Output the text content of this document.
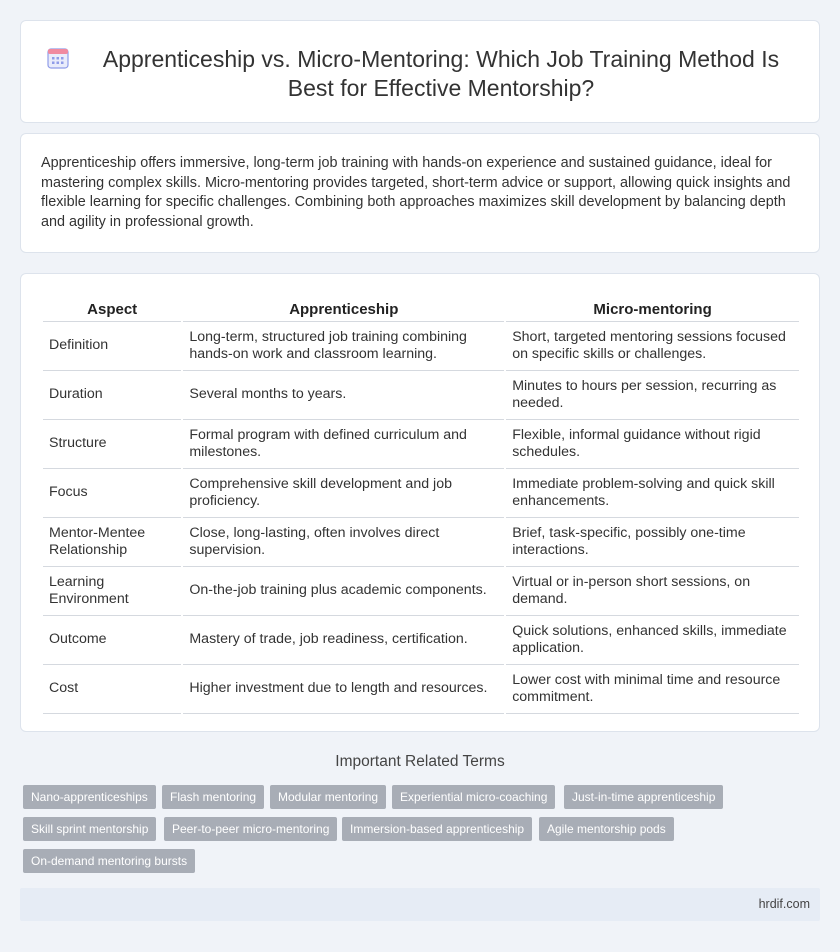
Apprenticeship vs. Micro-Mentoring: Which Job Training Method Is Best for Effective Mentorship?

Apprenticeship offers immersive, long-term job training with hands-on experience and sustained guidance, ideal for mastering complex skills. Micro-mentoring provides targeted, short-term advice or support, allowing quick insights and flexible learning for specific challenges. Combining both approaches maximizes skill development by balancing depth and agility in professional growth.

Aspect	Apprenticeship	Micro-mentoring
Definition	Long-term, structured job training combining hands-on work and classroom learning.	Short, targeted mentoring sessions focused on specific skills or challenges.
Duration	Several months to years.	Minutes to hours per session, recurring as needed.
Structure	Formal program with defined curriculum and milestones.	Flexible, informal guidance without rigid schedules.
Focus	Comprehensive skill development and job proficiency.	Immediate problem-solving and quick skill enhancements.
Mentor-Mentee Relationship	Close, long-lasting, often involves direct supervision.	Brief, task-specific, possibly one-time interactions.
Learning Environment	On-the-job training plus academic components.	Virtual or in-person short sessions, on demand.
Outcome	Mastery of trade, job readiness, certification.	Quick solutions, enhanced skills, immediate application.
Cost	Higher investment due to length and resources.	Lower cost with minimal time and resource commitment.
Important Related Terms
Nano-apprenticeships	Flash mentoring	Modular mentoring	Experiential micro-coaching	Just-in-time apprenticeship
Skill sprint mentorship	Peer-to-peer micro-mentoring	Immersion-based apprenticeship	Agile mentorship pods
On-demand mentoring bursts
hrdif.com
